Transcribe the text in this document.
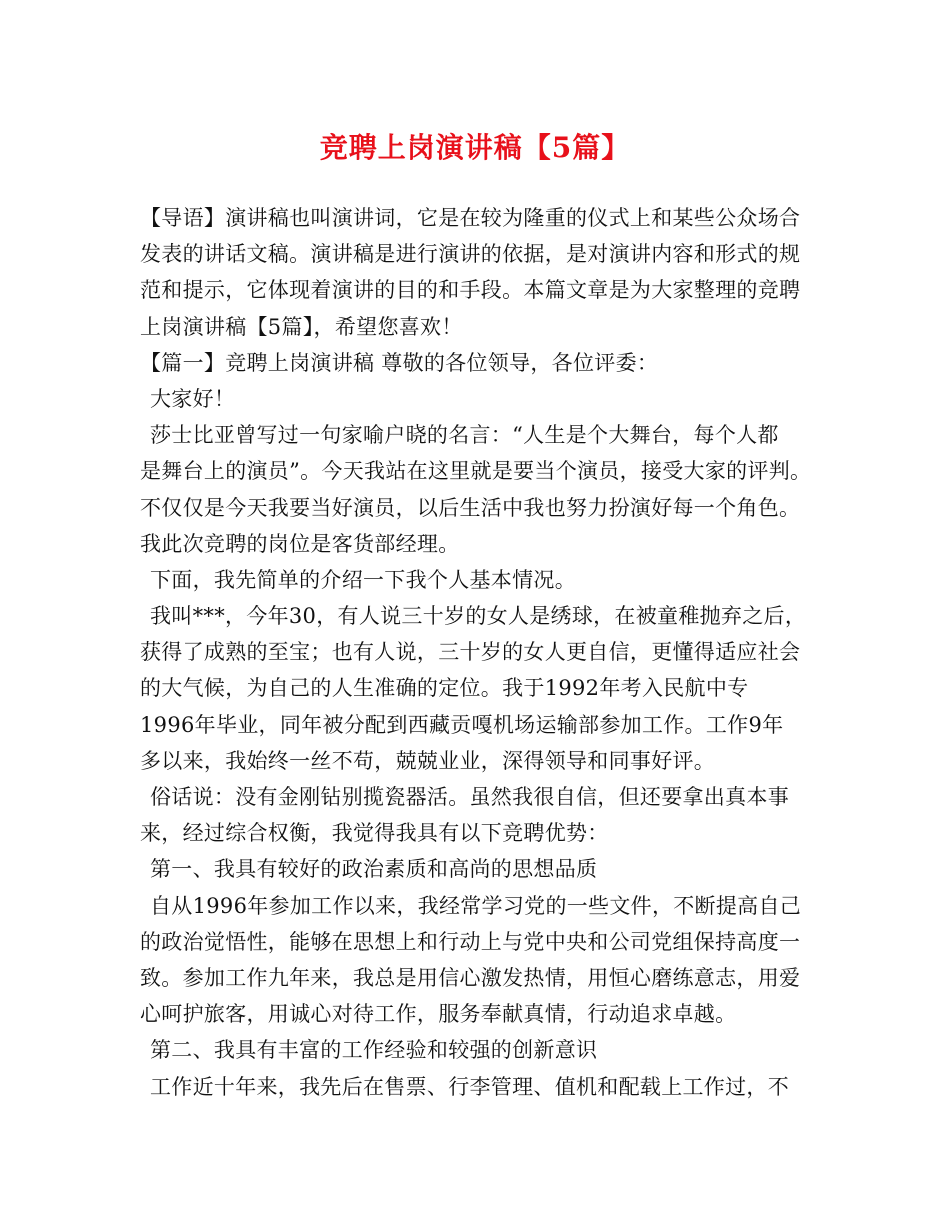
竞聘上岗演讲稿【5篇】
【导语】演讲稿也叫演讲词，它是在较为隆重的仪式上和某些公众场合
发表的讲话文稿。演讲稿是进行演讲的依据，是对演讲内容和形式的规
范和提示，它体现着演讲的目的和手段。本篇文章是为大家整理的竞聘
上岗演讲稿【5篇】，希望您喜欢！
【篇一】竞聘上岗演讲稿 尊敬的各位领导，各位评委：
大家好！
莎士比亚曾写过一句家喻户晓的名言：“人生是个大舞台，每个人都
是舞台上的演员”。今天我站在这里就是要当个演员，接受大家的评判。
不仅仅是今天我要当好演员，以后生活中我也努力扮演好每一个角色。
我此次竞聘的岗位是客货部经理。
下面，我先简单的介绍一下我个人基本情况。
我叫***，今年30，有人说三十岁的女人是绣球，在被童稚抛弃之后，
获得了成熟的至宝；也有人说，三十岁的女人更自信，更懂得适应社会
的大气候，为自己的人生准确的定位。我于1992年考入民航中专
1996年毕业，同年被分配到西藏贡嘎机场运输部参加工作。工作9年
多以来，我始终一丝不苟，兢兢业业，深得领导和同事好评。
俗话说：没有金刚钻别揽瓷器活。虽然我很自信，但还要拿出真本事
来，经过综合权衡，我觉得我具有以下竞聘优势：
第一、我具有较好的政治素质和高尚的思想品质
自从1996年参加工作以来，我经常学习党的一些文件，不断提高自己
的政治觉悟性，能够在思想上和行动上与党中央和公司党组保持高度一
致。参加工作九年来，我总是用信心激发热情，用恒心磨练意志，用爱
心呵护旅客，用诚心对待工作，服务奉献真情，行动追求卓越。
第二、我具有丰富的工作经验和较强的创新意识
工作近十年来，我先后在售票、行李管理、值机和配载上工作过，不
